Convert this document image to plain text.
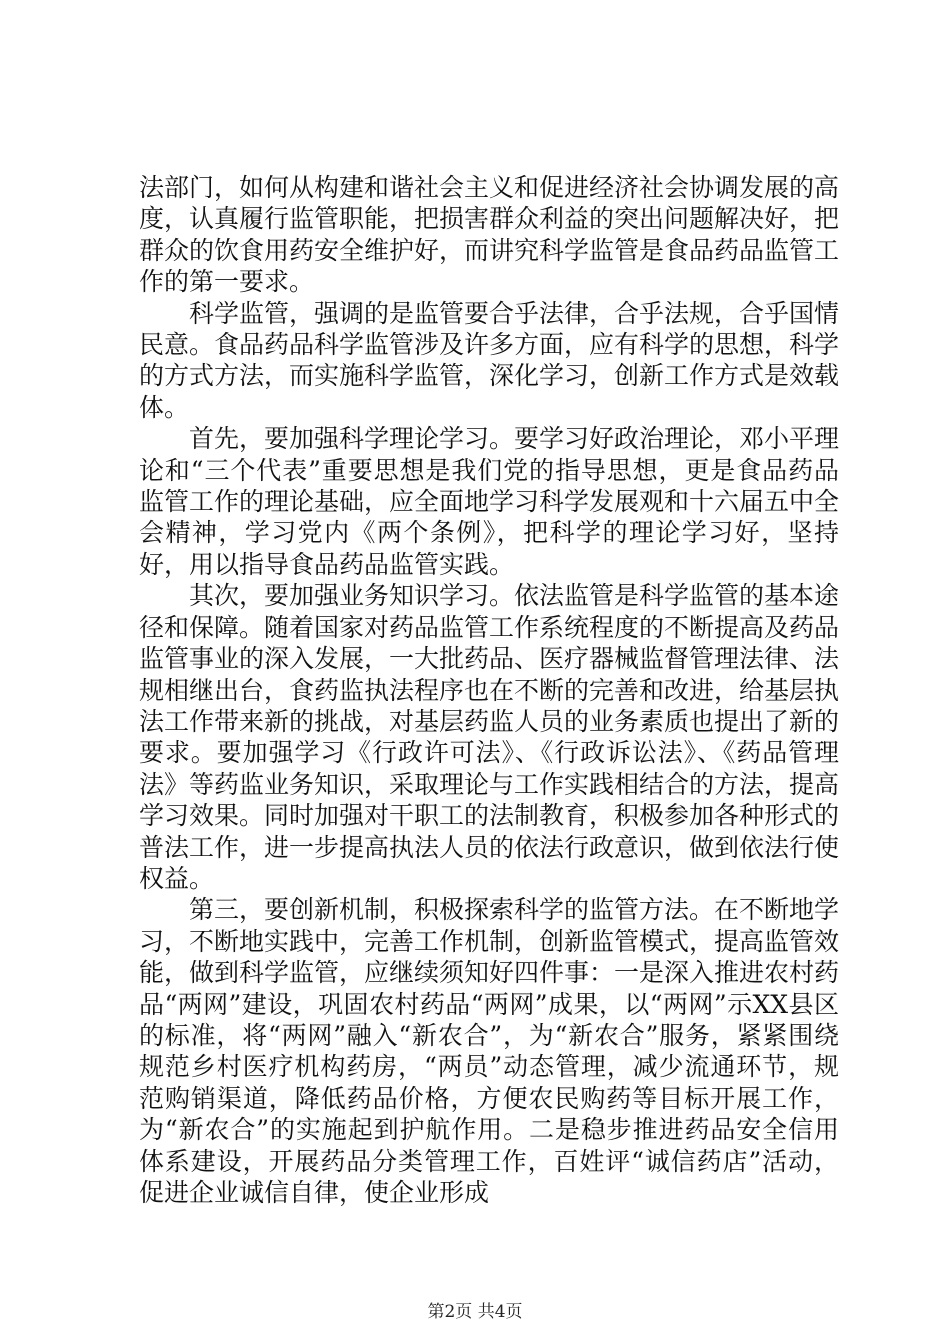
法部门，如何从构建和谐社会主义和促进经济社会协调发展的高度，认真履行监管职能，把损害群众利益的突出问题解决好，把群众的饮食用药安全维护好，而讲究科学监管是食品药品监管工作的第一要求。

科学监管，强调的是监管要合乎法律，合乎法规，合乎国情民意。食品药品科学监管涉及许多方面，应有科学的思想，科学的方式方法，而实施科学监管，深化学习，创新工作方式是效载体。

首先，要加强科学理论学习。要学习好政治理论，邓小平理论和“三个代表”重要思想是我们党的指导思想，更是食品药品监管工作的理论基础，应全面地学习科学发展观和十六届五中全会精神，学习党内《两个条例》，把科学的理论学习好，坚持好，用以指导食品药品监管实践。

其次，要加强业务知识学习。依法监管是科学监管的基本途径和保障。随着国家对药品监管工作系统程度的不断提高及药品监管事业的深入发展，一大批药品、医疗器械监督管理法律、法规相继出台，食药监执法程序也在不断的完善和改进，给基层执法工作带来新的挑战，对基层药监人员的业务素质也提出了新的要求。要加强学习《行政许可法》、《行政诉讼法》、《药品管理法》等药监业务知识，采取理论与工作实践相结合的方法，提高学习效果。同时加强对干职工的法制教育，积极参加各种形式的普法工作，进一步提高执法人员的依法行政意识，做到依法行使权益。

第三，要创新机制，积极探索科学的监管方法。在不断地学习，不断地实践中，完善工作机制，创新监管模式，提高监管效能，做到科学监管，应继续须知好四件事：一是深入推进农村药品“两网”建设，巩固农村药品“两网”成果，以“两网”示XX县区的标准，将“两网”融入“新农合”，为“新农合”服务，紧紧围绕规范乡村医疗机构药房，“两员”动态管理，减少流通环节，规范购销渠道，降低药品价格，方便农民购药等目标开展工作，为“新农合”的实施起到护航作用。二是稳步推进药品安全信用体系建设，开展药品分类管理工作，百姓评“诚信药店”活动，促进企业诚信自律，使企业形成

第2页 共4页
